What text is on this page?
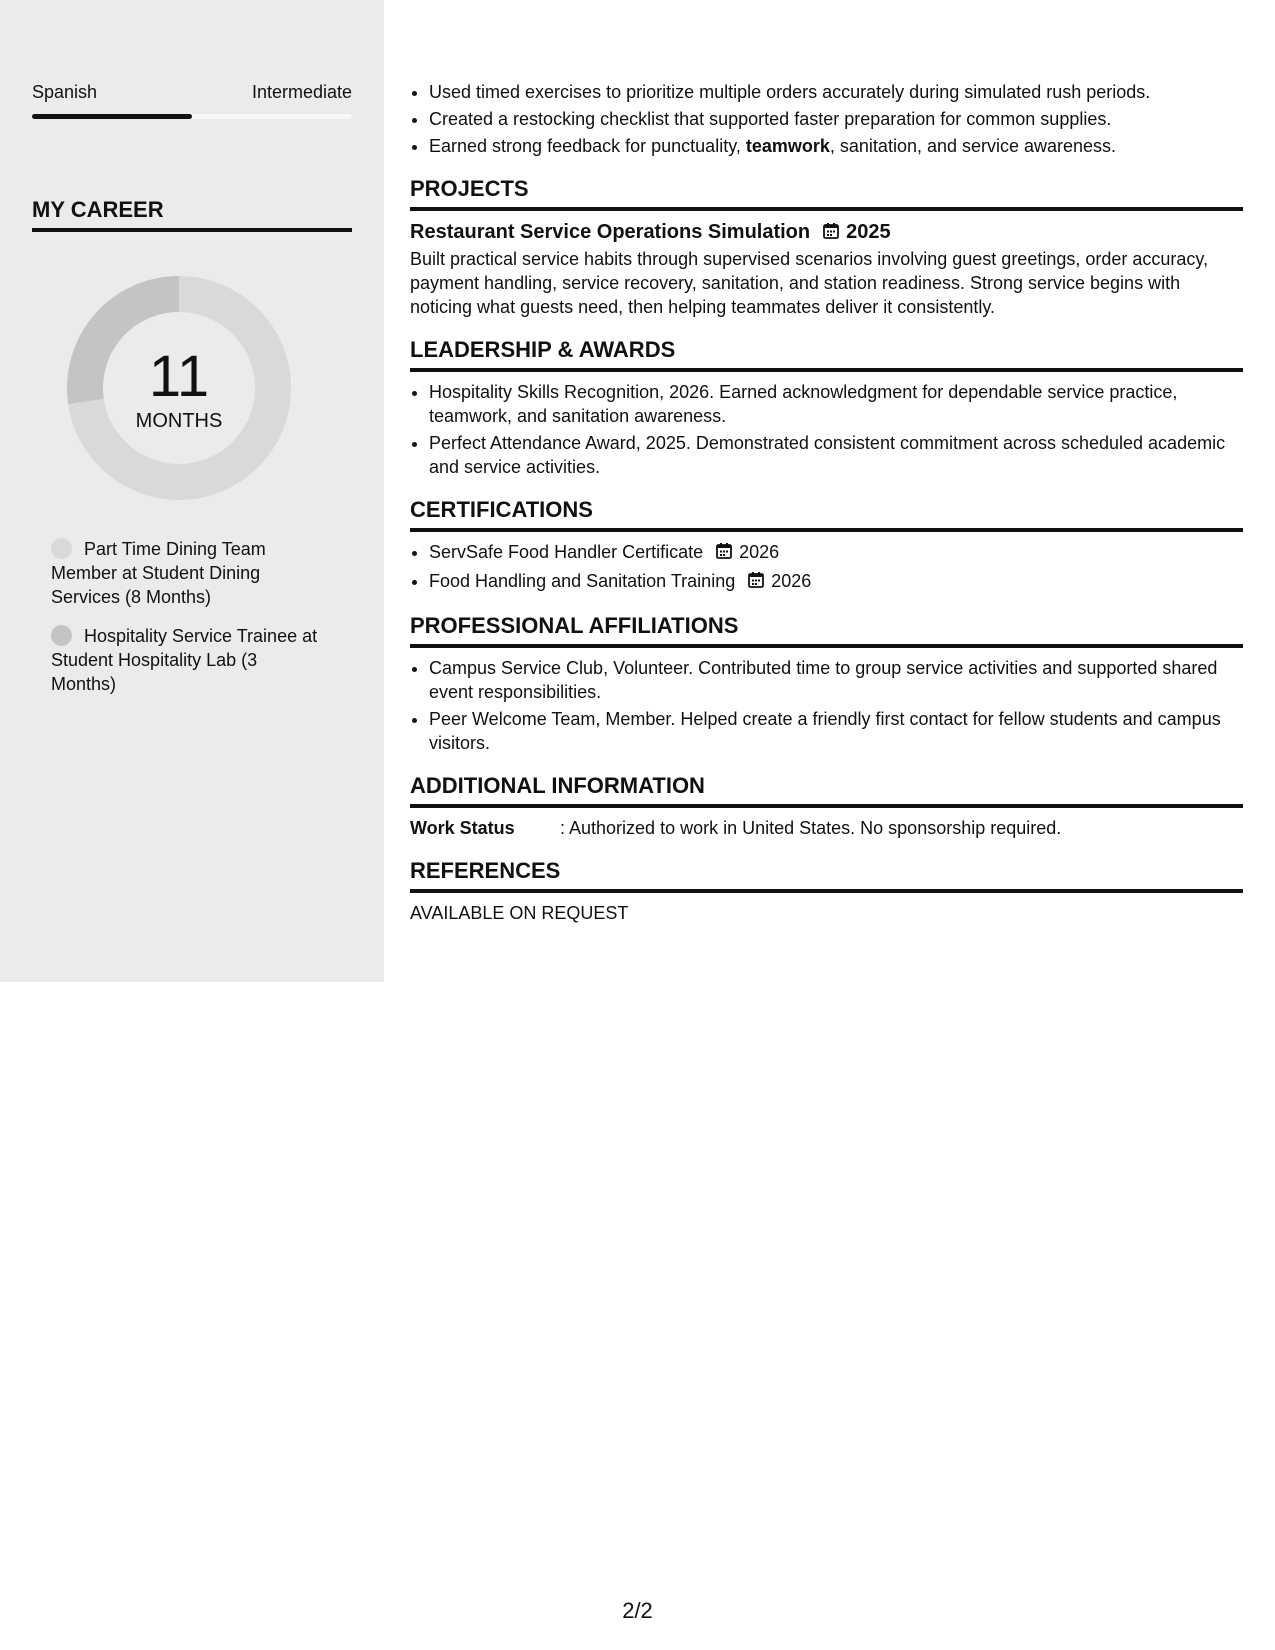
Spanish	Intermediate
MY CAREER
11
MONTHS
Part Time Dining Team Member at Student Dining Services (8 Months)
Hospitality Service Trainee at Student Hospitality Lab (3 Months)
• Used timed exercises to prioritize multiple orders accurately during simulated rush periods.
• Created a restocking checklist that supported faster preparation for common supplies.
• Earned strong feedback for punctuality, teamwork, sanitation, and service awareness.
PROJECTS
Restaurant Service Operations Simulation 2025
Built practical service habits through supervised scenarios involving guest greetings, order accuracy, payment handling, service recovery, sanitation, and station readiness. Strong service begins with noticing what guests need, then helping teammates deliver it consistently.
LEADERSHIP & AWARDS
• Hospitality Skills Recognition, 2026. Earned acknowledgment for dependable service practice, teamwork, and sanitation awareness.
• Perfect Attendance Award, 2025. Demonstrated consistent commitment across scheduled academic and service activities.
CERTIFICATIONS
• ServSafe Food Handler Certificate 2026
• Food Handling and Sanitation Training 2026
PROFESSIONAL AFFILIATIONS
• Campus Service Club, Volunteer. Contributed time to group service activities and supported shared event responsibilities.
• Peer Welcome Team, Member. Helped create a friendly first contact for fellow students and campus visitors.
ADDITIONAL INFORMATION
Work Status	: Authorized to work in United States. No sponsorship required.
REFERENCES
AVAILABLE ON REQUEST
2/2
